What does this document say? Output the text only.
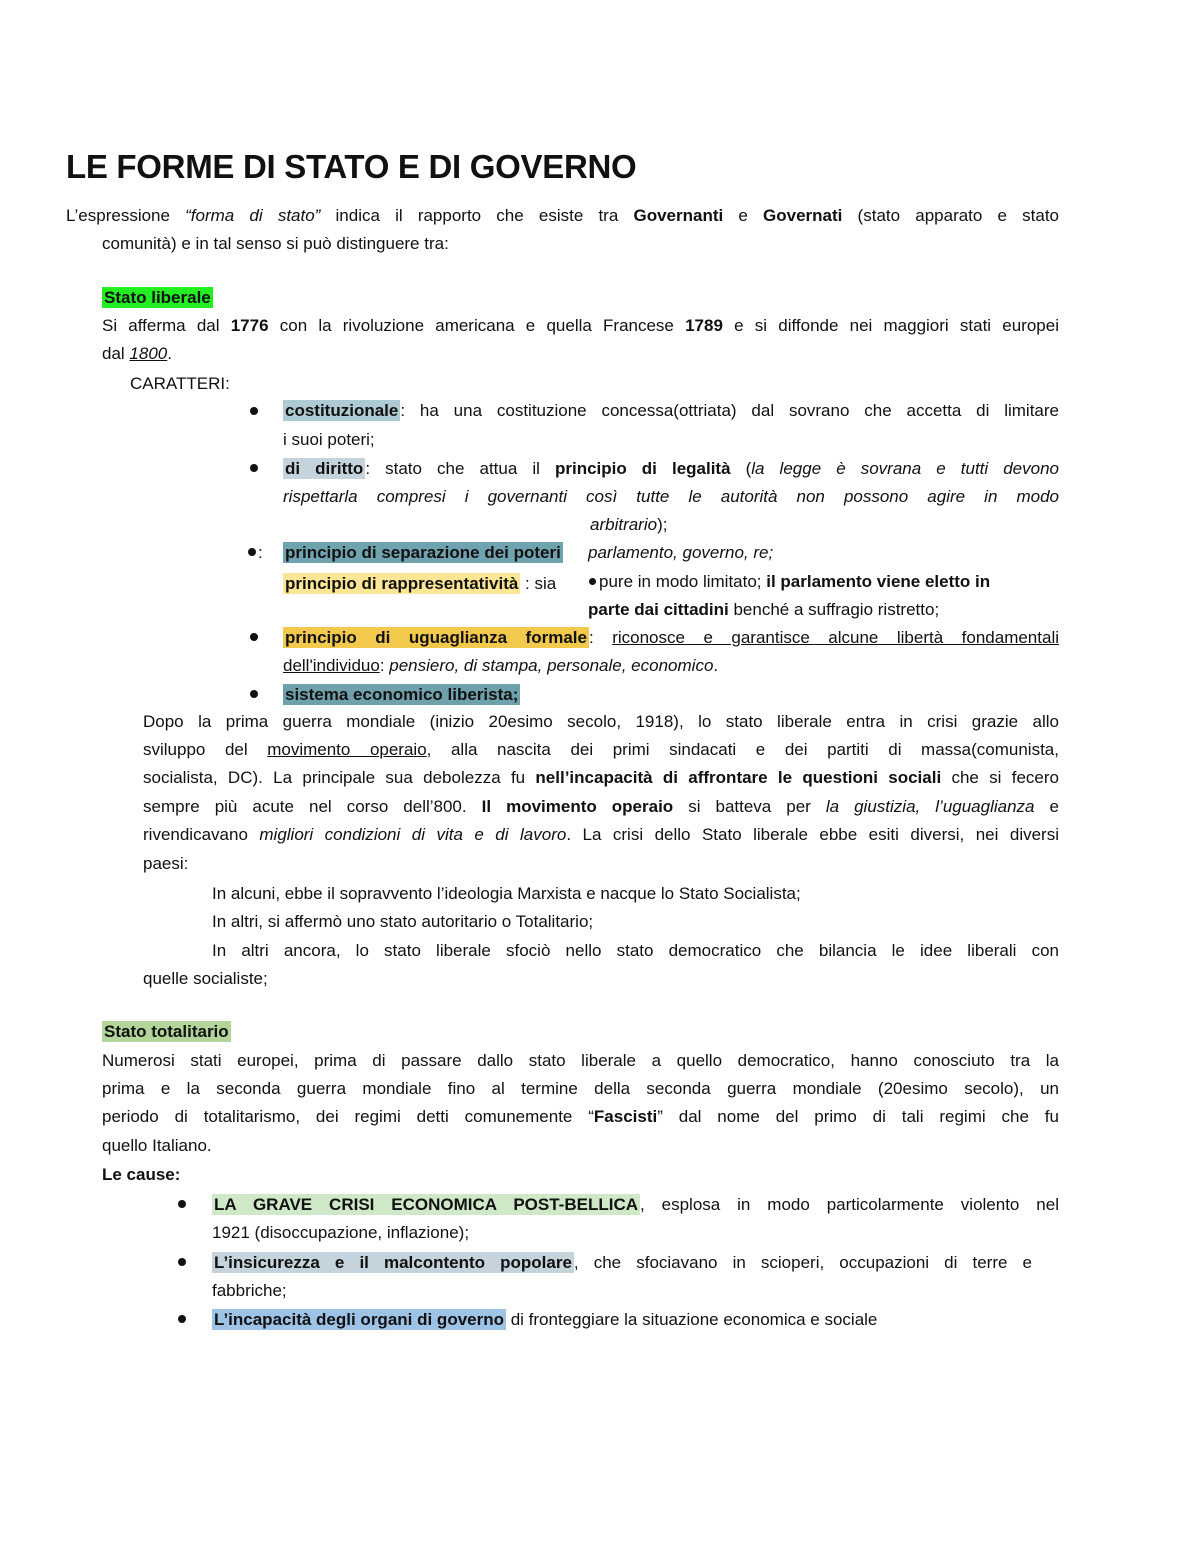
LE FORME DI STATO E DI GOVERNO
L’espressione “forma di stato” indica il rapporto che esiste tra Governanti e Governati (stato apparato e stato
comunità) e in tal senso si può distinguere tra:
Stato liberale
Si afferma dal 1776 con la rivoluzione americana e quella Francese 1789 e si diffonde nei maggiori stati europei
dal 1800.
CARATTERI:
costituzionale : ha una costituzione concessa(ottriata) dal sovrano che accetta di limitare
i suoi poteri;
di diritto : stato che attua il principio di legalità (la legge è sovrana e tutti devono
rispettarla compresi i governanti così tutte le autorità non possono agire in modo
arbitrario);
: principio di separazione dei poteri parlamento, governo, re;
principio di rappresentatività : sia	pure in modo limitato; il parlamento viene eletto in
parte dai cittadini benché a suffragio ristretto;
principio di uguaglianza formale : riconosce e garantisce alcune libertà fondamentali
dell'individuo: pensiero, di stampa, personale, economico.
sistema economico liberista;
Dopo la prima guerra mondiale (inizio 20esimo secolo, 1918), lo stato liberale entra in crisi grazie allo
sviluppo del movimento operaio, alla nascita dei primi sindacati e dei partiti di massa(comunista,
socialista, DC). La principale sua debolezza fu nell’incapacità di affrontare le questioni sociali che si fecero
sempre più acute nel corso dell’800. Il movimento operaio si batteva per la giustizia, l’uguaglianza e
rivendicavano migliori condizioni di vita e di lavoro. La crisi dello Stato liberale ebbe esiti diversi, nei diversi
paesi:
In alcuni, ebbe il sopravvento l’ideologia Marxista e nacque lo Stato Socialista;
In altri, si affermò uno stato autoritario o Totalitario;
In altri ancora, lo stato liberale sfociò nello stato democratico che bilancia le idee liberali con
quelle socialiste;
Stato totalitario
Numerosi stati europei, prima di passare dallo stato liberale a quello democratico, hanno conosciuto tra la
prima e la seconda guerra mondiale fino al termine della seconda guerra mondiale (20esimo secolo), un
periodo di totalitarismo, dei regimi detti comunemente “Fascisti” dal nome del primo di tali regimi che fu
quello Italiano.
Le cause:
LA GRAVE CRISI ECONOMICA POST-BELLICA , esplosa in modo particolarmente violento nel
1921 (disoccupazione, inflazione);
L’insicurezza e il malcontento popolare , che sfociavano in scioperi, occupazioni di terre e
fabbriche;
L’incapacità degli organi di governo di fronteggiare la situazione economica e sociale
